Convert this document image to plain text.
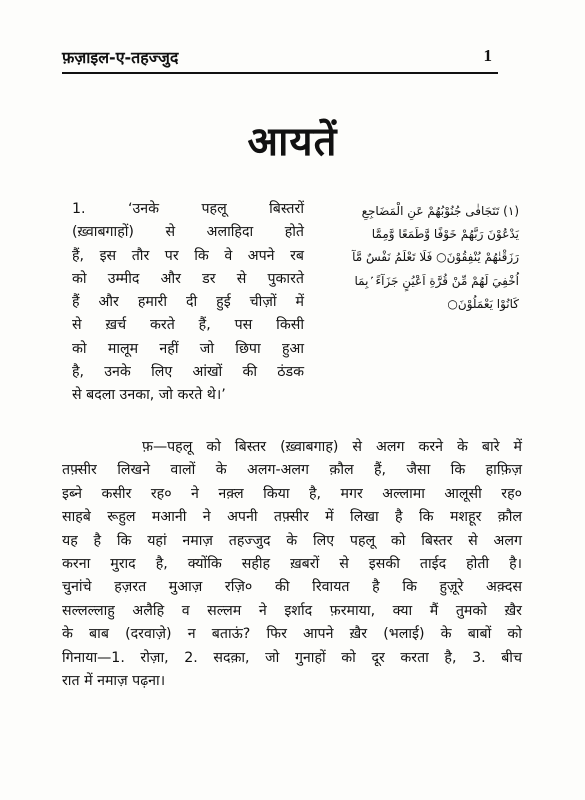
फ़ज़ाइल-ए-तहज्जुद	1
आयतें
1. ‘उनके पहलू बिस्तरों
(ख़्वाबगाहों) से अलाहिदा होते
हैं, इस तौर पर कि वे अपने रब
को उम्मीद और डर से पुकारते
हैं और हमारी दी हुई चीज़ों में
से ख़र्च करते हैं, पस किसी
को मालूम नहीं जो छिपा हुआ
है, उनके लिए आंखों की ठंडक
से बदला उनका, जो करते थे।’
(١) تَتَجَافٰى جُنُوْبُهُمْ عَنِ الْمَضَاجِعِ
يَدْعُوْنَ رَبَّهُمْ خَوْفًا وَّطَمَعًا وَّمِمَّا
رَزَقْنٰهُمْ يُنْفِقُوْنَ○ فَلَا تَعْلَمُ نَفْسٌ مَّآ
اُخْفِيَ لَهُمْ مِّنْ قُرَّةِ اَعْيُنٍ جَزَآءً ۢبِمَا
كَانُوْا يَعْمَلُوْنَ○
फ़—पहलू को बिस्तर (ख़्वाबगाह) से अलग करने के बारे में
तफ़्सीर लिखने वालों के अलग-अलग क़ौल हैं, जैसा कि हाफ़िज़
इब्ने कसीर रह० ने नक़्ल किया है, मगर अल्लामा आलूसी रह०
साहबे रूहुल मआनी ने अपनी तफ़्सीर में लिखा है कि मशहूर क़ौल
यह है कि यहां नमाज़ तहज्जुद के लिए पहलू को बिस्तर से अलग
करना मुराद है, क्योंकि सहीह ख़बरों से इसकी ताईद होती है।
चुनांचे हज़रत मुआज़ रज़ि० की रिवायत है कि हुज़ूरे अक़्दस
सल्लल्लाहु अलैहि व सल्लम ने इर्शाद फ़रमाया, क्या मैं तुमको ख़ैर
के बाब (दरवाज़े) न बताऊं? फिर आपने ख़ैर (भलाई) के बाबों को
गिनाया—1. रोज़ा, 2. सदक़ा, जो गुनाहों को दूर करता है, 3. बीच
रात में नमाज़ पढ़ना।
